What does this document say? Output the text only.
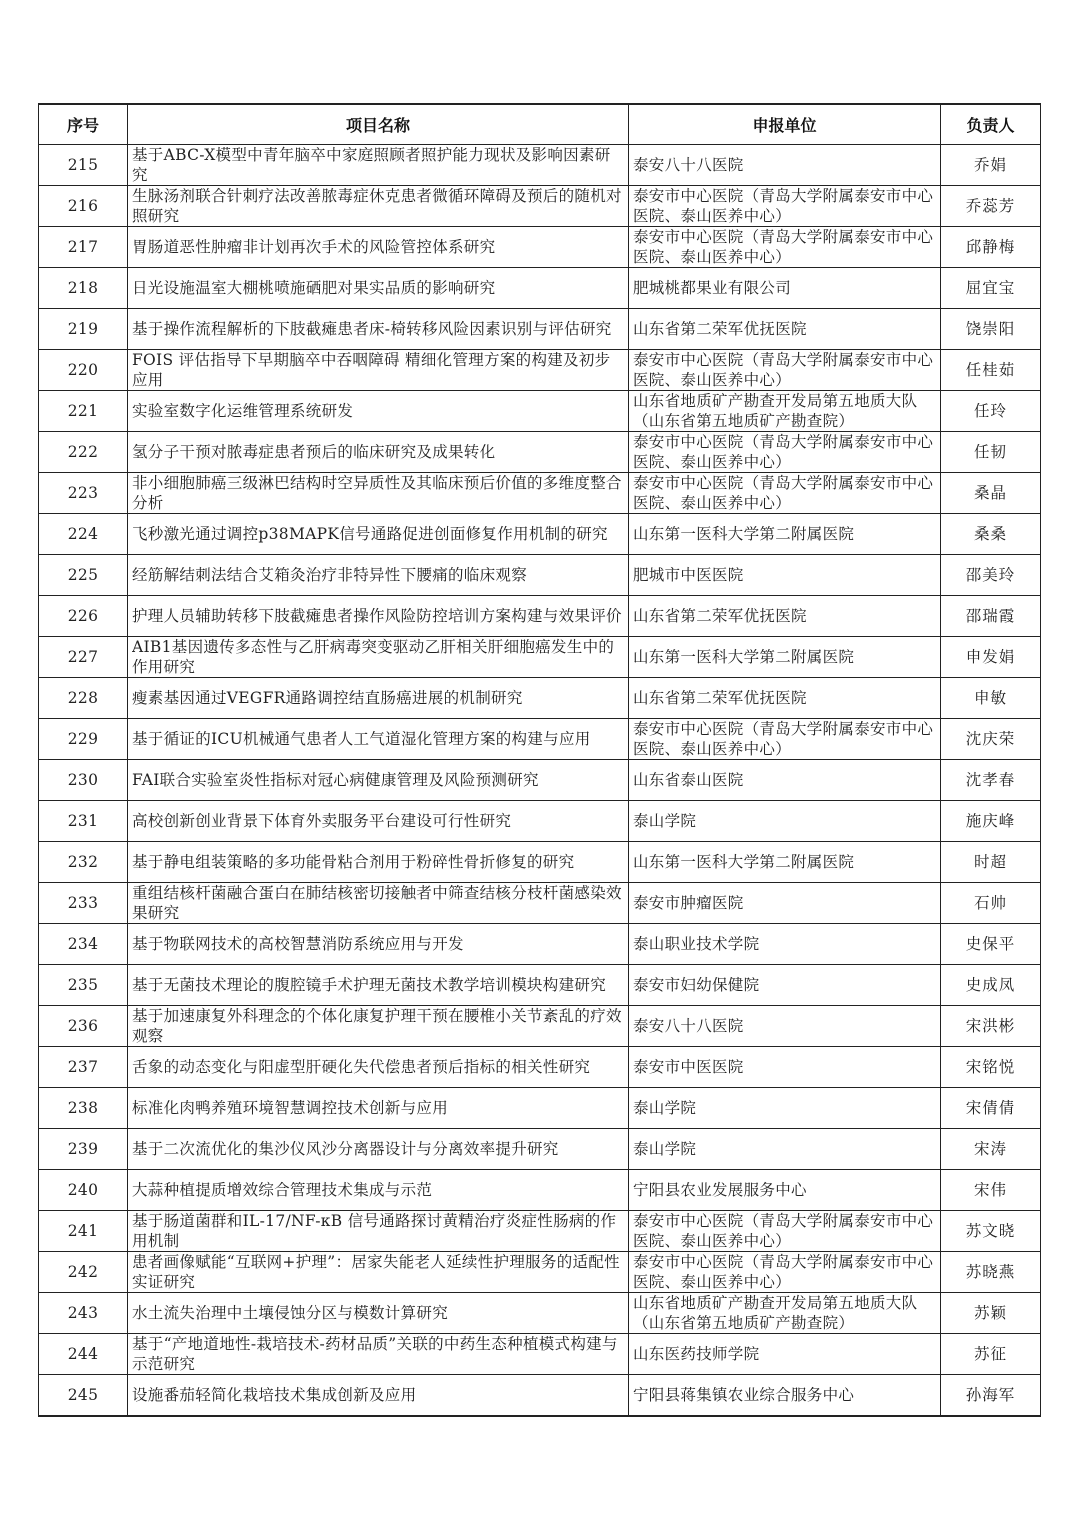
序号	项目名称	申报单位	负责人

215	基于ABC-X模型中青年脑卒中家庭照顾者照护能力现状及影响因素研究	泰安八十八医院	乔娟

216	生脉汤剂联合针刺疗法改善脓毒症休克患者微循环障碍及预后的随机对照研究	泰安市中心医院（青岛大学附属泰安市中心医院、泰山医养中心）	乔蕊芳

217	胃肠道恶性肿瘤非计划再次手术的风险管控体系研究	泰安市中心医院（青岛大学附属泰安市中心医院、泰山医养中心）	邱静梅

218	日光设施温室大棚桃喷施硒肥对果实品质的影响研究	肥城桃都果业有限公司	屈宜宝

219	基于操作流程解析的下肢截瘫患者床-椅转移风险因素识别与评估研究	山东省第二荣军优抚医院	饶崇阳

220	FOIS 评估指导下早期脑卒中吞咽障碍 精细化管理方案的构建及初步应用	泰安市中心医院（青岛大学附属泰安市中心医院、泰山医养中心）	任桂茹

221	实验室数字化运维管理系统研发	山东省地质矿产勘查开发局第五地质大队（山东省第五地质矿产勘查院）	任玲

222	氢分子干预对脓毒症患者预后的临床研究及成果转化	泰安市中心医院（青岛大学附属泰安市中心医院、泰山医养中心）	任韧

223	非小细胞肺癌三级淋巴结构时空异质性及其临床预后价值的多维度整合分析	泰安市中心医院（青岛大学附属泰安市中心医院、泰山医养中心）	桑晶

224	飞秒激光通过调控p38MAPK信号通路促进创面修复作用机制的研究	山东第一医科大学第二附属医院	桑桑

225	经筋解结刺法结合艾箱灸治疗非特异性下腰痛的临床观察	肥城市中医医院	邵美玲

226	护理人员辅助转移下肢截瘫患者操作风险防控培训方案构建与效果评价	山东省第二荣军优抚医院	邵瑞霞

227	AIB1基因遗传多态性与乙肝病毒突变驱动乙肝相关肝细胞癌发生中的作用研究	山东第一医科大学第二附属医院	申发娟

228	瘦素基因通过VEGFR通路调控结直肠癌进展的机制研究	山东省第二荣军优抚医院	申敏

229	基于循证的ICU机械通气患者人工气道湿化管理方案的构建与应用	泰安市中心医院（青岛大学附属泰安市中心医院、泰山医养中心）	沈庆荣

230	FAI联合实验室炎性指标对冠心病健康管理及风险预测研究	山东省泰山医院	沈孝春

231	高校创新创业背景下体育外卖服务平台建设可行性研究	泰山学院	施庆峰

232	基于静电组装策略的多功能骨粘合剂用于粉碎性骨折修复的研究	山东第一医科大学第二附属医院	时超

233	重组结核杆菌融合蛋白在肺结核密切接触者中筛查结核分枝杆菌感染效果研究	泰安市肿瘤医院	石帅

234	基于物联网技术的高校智慧消防系统应用与开发	泰山职业技术学院	史保平

235	基于无菌技术理论的腹腔镜手术护理无菌技术教学培训模块构建研究	泰安市妇幼保健院	史成凤

236	基于加速康复外科理念的个体化康复护理干预在腰椎小关节紊乱的疗效观察	泰安八十八医院	宋洪彬

237	舌象的动态变化与阳虚型肝硬化失代偿患者预后指标的相关性研究	泰安市中医医院	宋铭悦

238	标准化肉鸭养殖环境智慧调控技术创新与应用	泰山学院	宋倩倩

239	基于二次流优化的集沙仪风沙分离器设计与分离效率提升研究	泰山学院	宋涛

240	大蒜种植提质增效综合管理技术集成与示范	宁阳县农业发展服务中心	宋伟

241	基于肠道菌群和IL-17/NF-κB 信号通路探讨黄精治疗炎症性肠病的作用机制	泰安市中心医院（青岛大学附属泰安市中心医院、泰山医养中心）	苏文晓

242	患者画像赋能“互联网+护理”：居家失能老人延续性护理服务的适配性实证研究	泰安市中心医院（青岛大学附属泰安市中心医院、泰山医养中心）	苏晓燕

243	水土流失治理中土壤侵蚀分区与模数计算研究	山东省地质矿产勘查开发局第五地质大队（山东省第五地质矿产勘查院）	苏颖

244	基于“产地道地性-栽培技术-药材品质”关联的中药生态种植模式构建与示范研究	山东医药技师学院	苏征

245	设施番茄轻简化栽培技术集成创新及应用	宁阳县蒋集镇农业综合服务中心	孙海军
